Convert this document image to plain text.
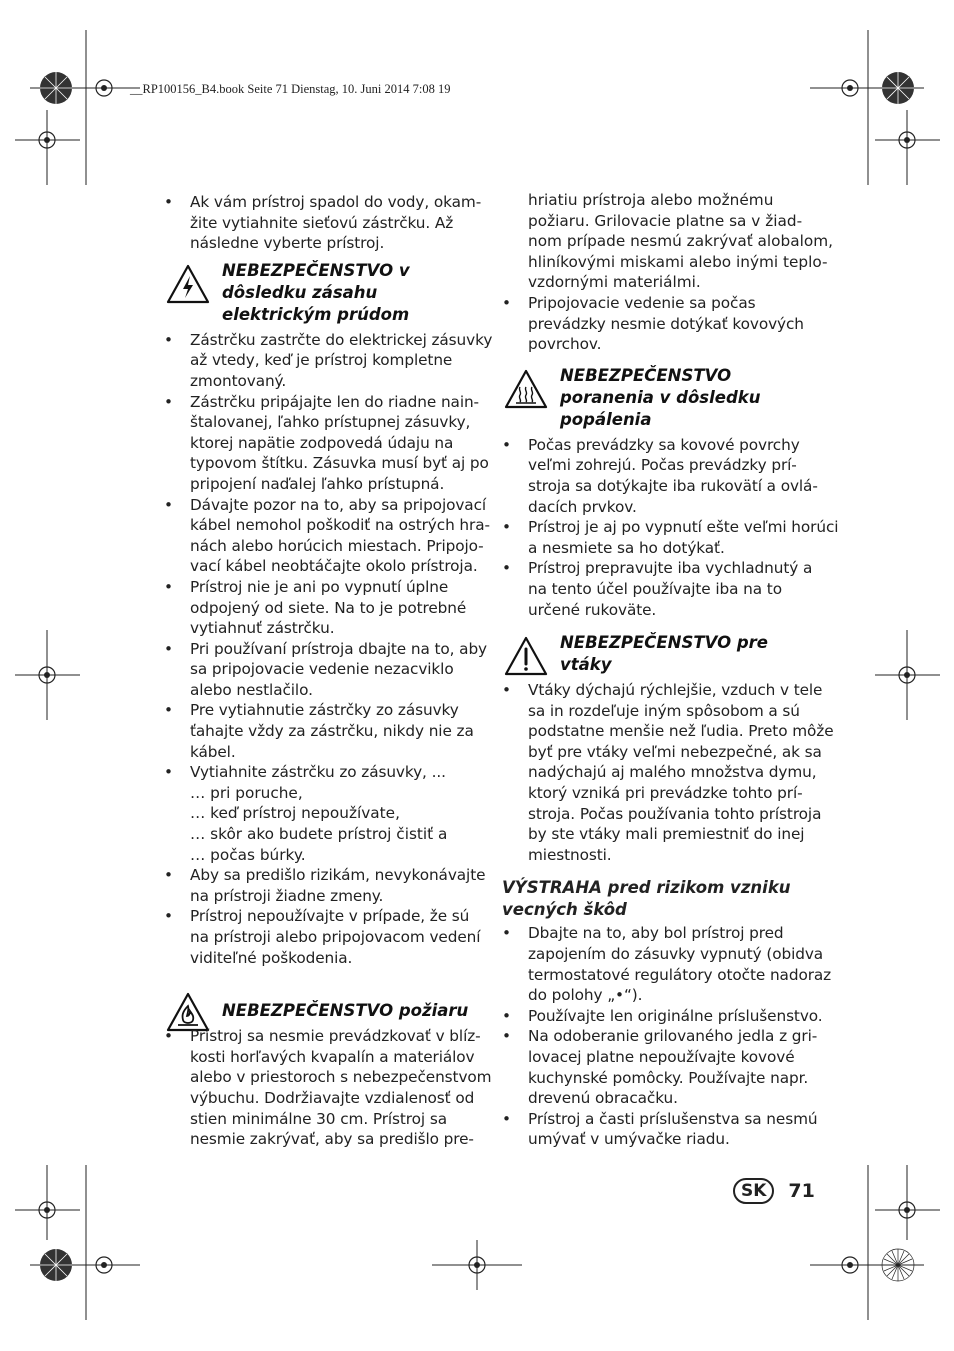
__RP100156_B4.book Seite 71 Dienstag, 10. Juni 2014 7:08 19
• Ak vám prístroj spadol do vody, okam-
žite vytiahnite sieťovú zástrčku. Až
následne vyberte prístroj.
NEBEZPEČENSTVO v
dôsledku zásahu
elektrickým prúdom
• Zástrčku zastrčte do elektrickej zásuvky
až vtedy, keď je prístroj kompletne
zmontovaný.
• Zástrčku pripájajte len do riadne nain-
štalovanej, ľahko prístupnej zásuvky,
ktorej napätie zodpovedá údaju na
typovom štítku. Zásuvka musí byť aj po
pripojení naďalej ľahko prístupná.
• Dávajte pozor na to, aby sa pripojovací
kábel nemohol poškodiť na ostrých hra-
nách alebo horúcich miestach. Pripojo-
vací kábel neobtáčajte okolo prístroja.
• Prístroj nie je ani po vypnutí úplne
odpojený od siete. Na to je potrebné
vytiahnuť zástrčku.
• Pri používaní prístroja dbajte na to, aby
sa pripojovacie vedenie nezacviklo
alebo nestlačilo.
• Pre vytiahnutie zástrčky zo zásuvky
ťahajte vždy za zástrčku, nikdy nie za
kábel.
• Vytiahnite zástrčku zo zásuvky, ...
… pri poruche,
… keď prístroj nepoužívate,
… skôr ako budete prístroj čistiť a
… počas búrky.
• Aby sa predišlo rizikám, nevykonávajte
na prístroji žiadne zmeny.
• Prístroj nepoužívajte v prípade, že sú
na prístroji alebo pripojovacom vedení
viditeľné poškodenia.
NEBEZPEČENSTVO požiaru
• Prístroj sa nesmie prevádzkovať v blíz-
kosti horľavých kvapalín a materiálov
alebo v priestoroch s nebezpečenstvom
výbuchu. Dodržiavajte vzdialenosť od
stien minimálne 30 cm. Prístroj sa
nesmie zakrývať, aby sa predišlo pre-
hriatiu prístroja alebo možnému
požiaru. Grilovacie platne sa v žiad-
nom prípade nesmú zakrývať alobalom,
hliníkovými miskami alebo inými teplo-
vzdornými materiálmi.
• Pripojovacie vedenie sa počas
prevádzky nesmie dotýkať kovových
povrchov.
NEBEZPEČENSTVO
poranenia v dôsledku
popálenia
• Počas prevádzky sa kovové povrchy
veľmi zohrejú. Počas prevádzky prí-
stroja sa dotýkajte iba rukovätí a ovlá-
dacích prvkov.
• Prístroj je aj po vypnutí ešte veľmi horúci
a nesmiete sa ho dotýkať.
• Prístroj prepravujte iba vychladnutý a
na tento účel používajte iba na to
určené rukoväte.
NEBEZPEČENSTVO pre
vtáky
• Vtáky dýchajú rýchlejšie, vzduch v tele
sa in rozdeľuje iným spôsobom a sú
podstatne menšie než ľudia. Preto môže
byť pre vtáky veľmi nebezpečné, ak sa
nadýchajú aj malého množstva dymu,
ktorý vzniká pri prevádzke tohto prí-
stroja. Počas používania tohto prístroja
by ste vtáky mali premiestniť do inej
miestnosti.
VÝSTRAHA pred rizikom vzniku
vecných škôd
• Dbajte na to, aby bol prístroj pred
zapojením do zásuvky vypnutý (obidva
termostatové regulátory otočte nadoraz
do polohy „•“).
• Používajte len originálne príslušenstvo.
• Na odoberanie grilovaného jedla z gri-
lovacej platne nepoužívajte kovové
kuchynské pomôcky. Používajte napr.
drevenú obracačku.
• Prístroj a časti príslušenstva sa nesmú
umývať v umývačke riadu.
SK	71
